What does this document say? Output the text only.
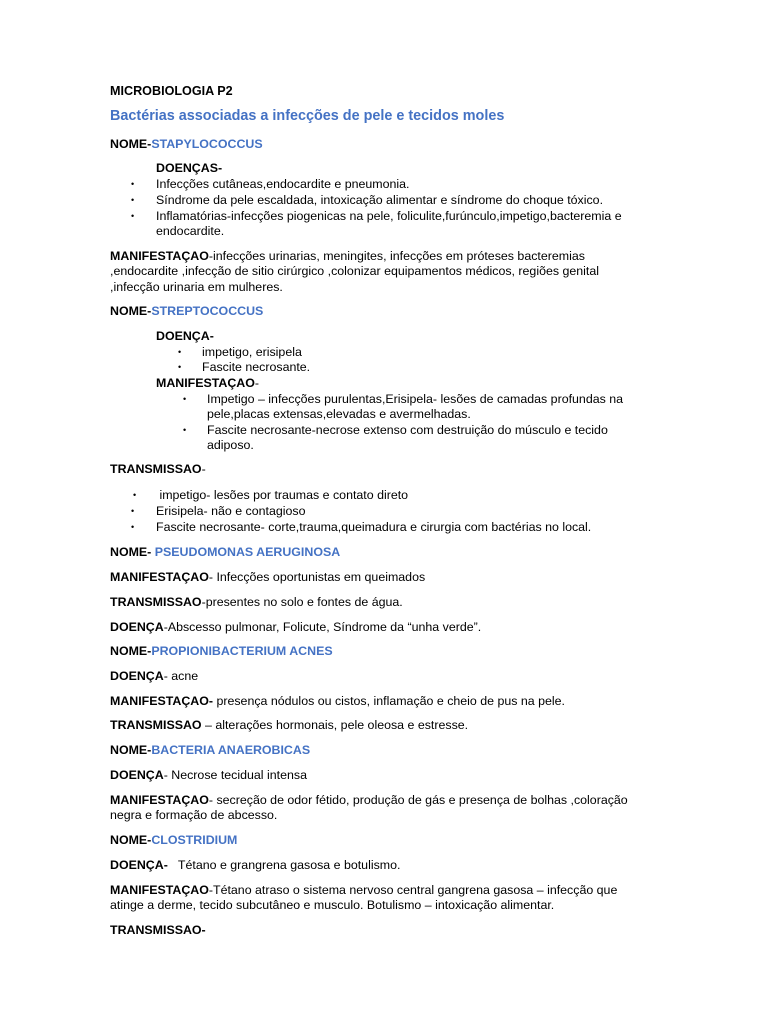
MICROBIOLOGIA P2

Bactérias associadas a infecções de pele e tecidos moles

NOME-STAPYLOCOCCUS

DOENÇAS-

• Infecções cutâneas,endocardite e pneumonia.

• Síndrome da pele escaldada, intoxicação alimentar e síndrome do choque tóxico.

• Inflamatórias-infecções piogenicas na pele, foliculite,furúnculo,impetigo,bacteremia e

endocardite.

MANIFESTAÇAO-infecções urinarias, meningites, infecções em próteses bacteremias

,endocardite ,infecção de sitio cirúrgico ,colonizar equipamentos médicos, regiões genital

,infecção urinaria em mulheres.

NOME-STREPTOCOCCUS

DOENÇA-

• impetigo, erisipela

• Fascite necrosante.

MANIFESTAÇAO-

• Impetigo – infecções purulentas,Erisipela- lesões de camadas profundas na

pele,placas extensas,elevadas e avermelhadas.

• Fascite necrosante-necrose extenso com destruição do músculo e tecido

adiposo.

TRANSMISSAO-

• impetigo- lesões por traumas e contato direto

• Erisipela- não e contagioso

• Fascite necrosante- corte,trauma,queimadura e cirurgia com bactérias no local.

NOME- PSEUDOMONAS AERUGINOSA

MANIFESTAÇAO- Infecções oportunistas em queimados

TRANSMISSAO-presentes no solo e fontes de água.

DOENÇA-Abscesso pulmonar, Folicute, Síndrome da “unha verde”.

NOME-PROPIONIBACTERIUM ACNES

DOENÇA- acne

MANIFESTAÇAO- presença nódulos ou cistos, inflamação e cheio de pus na pele.

TRANSMISSAO – alterações hormonais, pele oleosa e estresse.

NOME-BACTERIA ANAEROBICAS

DOENÇA- Necrose tecidual intensa

MANIFESTAÇAO- secreção de odor fétido, produção de gás e presença de bolhas ,coloração

negra e formação de abcesso.

NOME-CLOSTRIDIUM

DOENÇA-   Tétano e grangrena gasosa e botulismo.

MANIFESTAÇAO-Tétano atraso o sistema nervoso central gangrena gasosa – infecção que

atinge a derme, tecido subcutâneo e musculo. Botulismo – intoxicação alimentar.

TRANSMISSAO-
